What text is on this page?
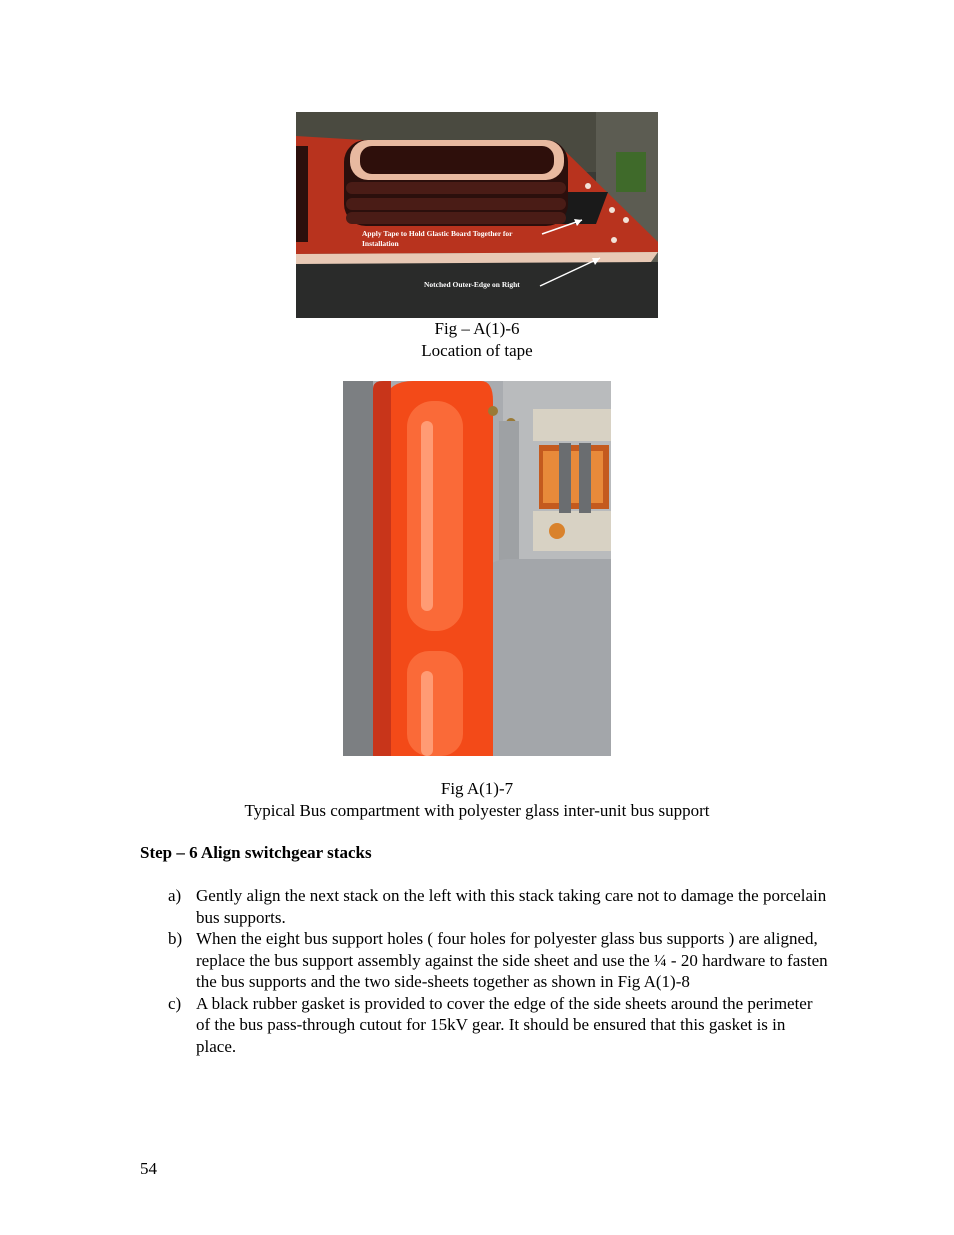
Apply Tape to Hold Glastic Board Together for
Installation
Notched Outer-Edge on Right
Fig – A(1)-6
Location of tape
Fig A(1)-7
Typical Bus compartment with polyester glass inter-unit bus support
Step – 6 Align switchgear stacks
a) Gently align the next stack on the left with this stack taking care not to damage the porcelain bus supports.
b) When the eight bus support holes ( four holes for polyester glass bus supports ) are aligned, replace the bus support assembly against the side sheet and use the ¼ - 20 hardware to fasten the bus supports and the two side-sheets together as shown in Fig A(1)-8
c) A black rubber gasket is provided to cover the edge of the side sheets around the perimeter of the bus pass-through cutout for 15kV gear. It should be ensured that this gasket is in place.
54
